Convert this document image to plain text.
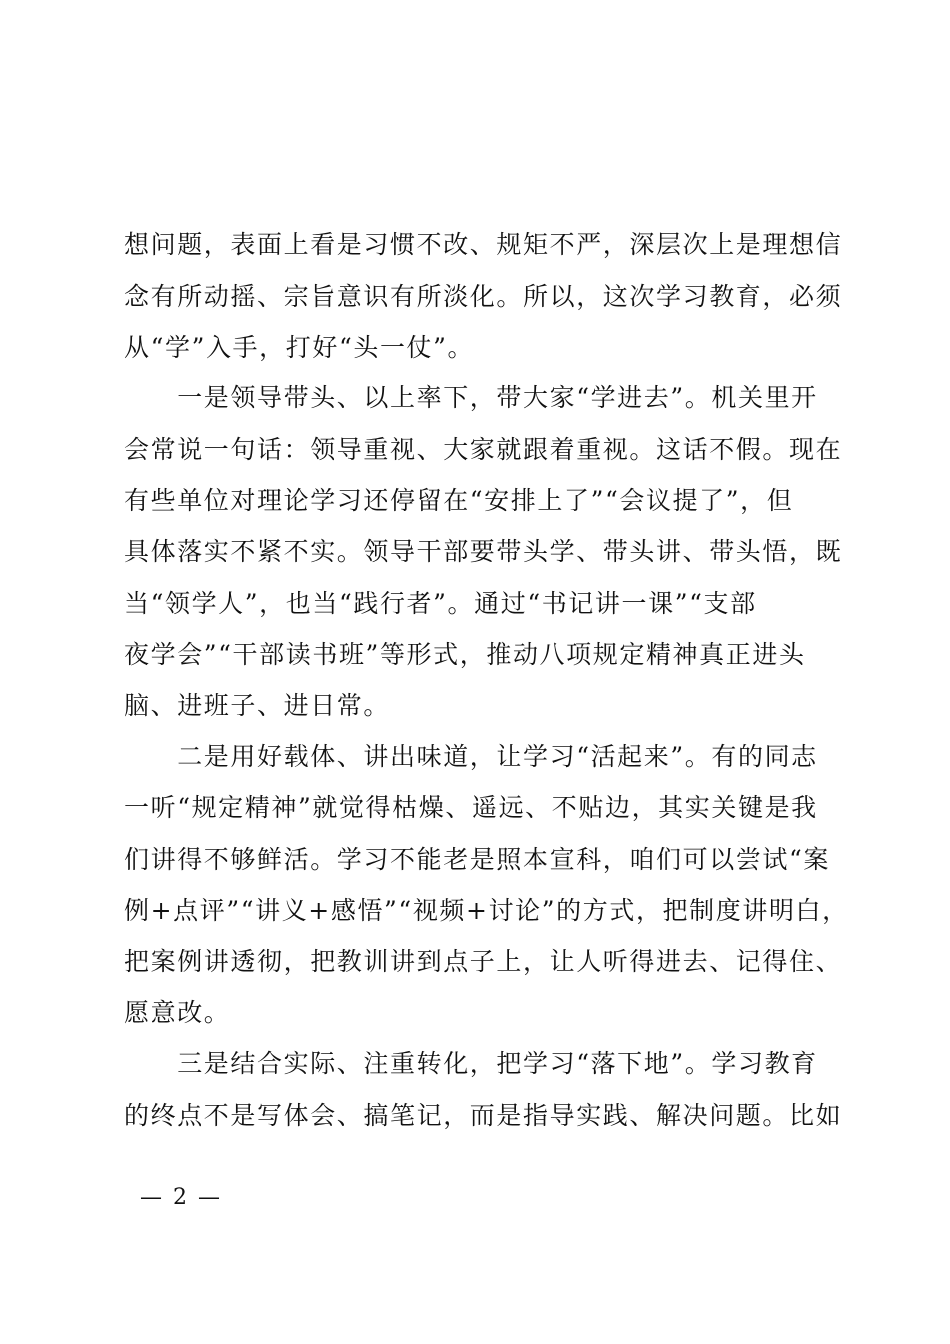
想问题，表面上看是习惯不改、规矩不严，深层次上是理想信
念有所动摇、宗旨意识有所淡化。所以，这次学习教育，必须
从“学”入手，打好“头一仗”。
　　一是领导带头、以上率下，带大家“学进去”。机关里开
会常说一句话：领导重视、大家就跟着重视。这话不假。现在
有些单位对理论学习还停留在“安排上了”“会议提了”，但
具体落实不紧不实。领导干部要带头学、带头讲、带头悟，既
当“领学人”，也当“践行者”。通过“书记讲一课”“支部
夜学会”“干部读书班”等形式，推动八项规定精神真正进头
脑、进班子、进日常。
　　二是用好载体、讲出味道，让学习“活起来”。有的同志
一听“规定精神”就觉得枯燥、遥远、不贴边，其实关键是我
们讲得不够鲜活。学习不能老是照本宣科，咱们可以尝试“案
例+点评”“讲义+感悟”“视频+讨论”的方式，把制度讲明白，
把案例讲透彻，把教训讲到点子上，让人听得进去、记得住、
愿意改。
　　三是结合实际、注重转化，把学习“落下地”。学习教育
的终点不是写体会、搞笔记，而是指导实践、解决问题。比如
— 2 —
